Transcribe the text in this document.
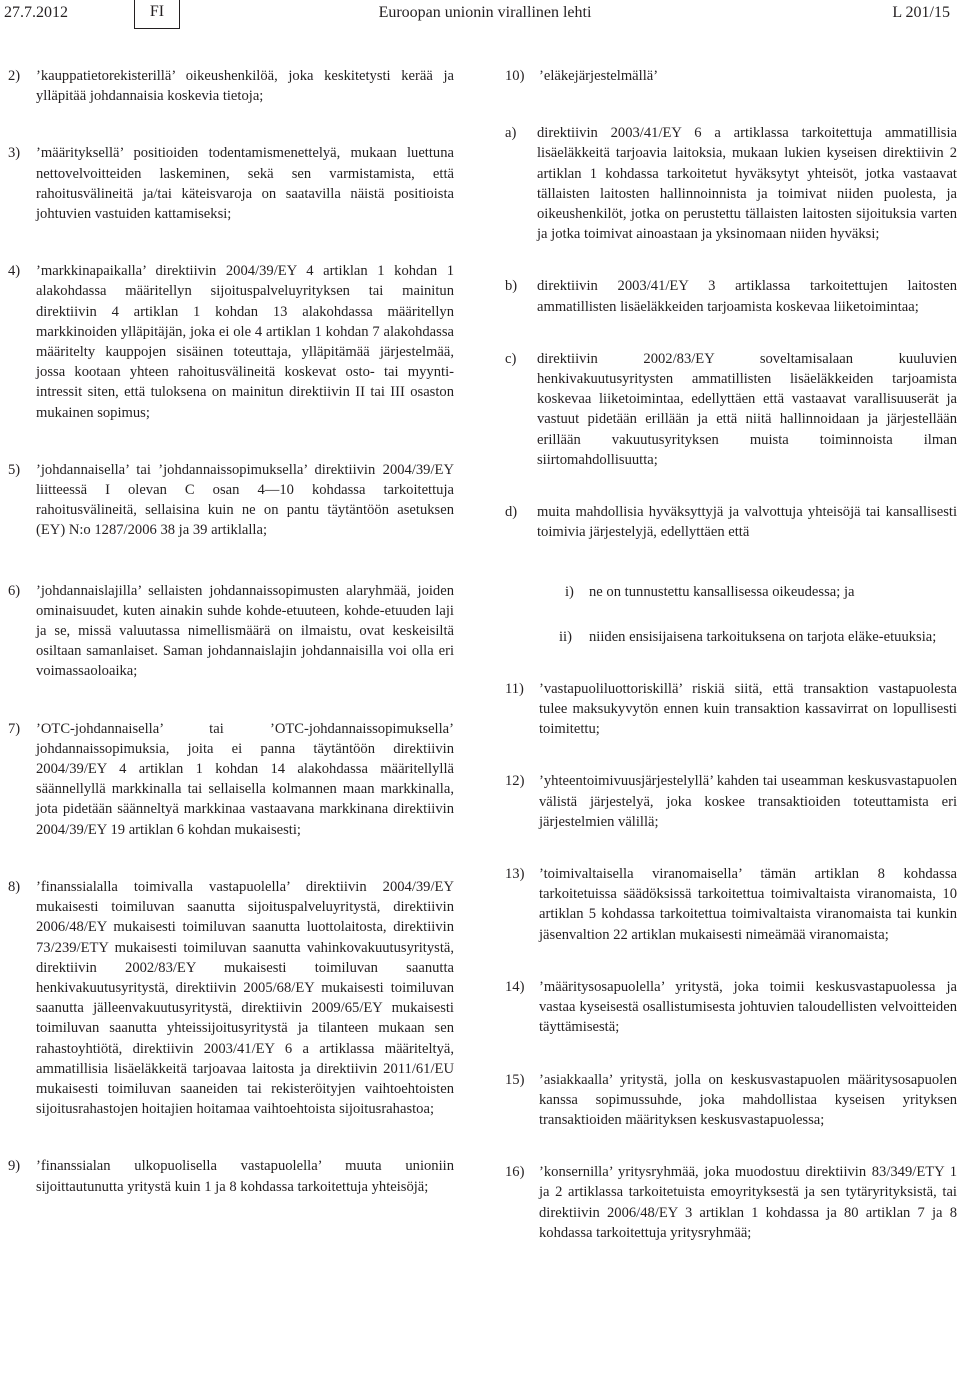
27.7.2012	FI	Euroopan unionin virallinen lehti	L 201/15
2) ’kauppatietorekisterillä’ oikeushenkilöä, joka keskitetysti kerää ja ylläpitää johdannaisia koskevia tietoja;
3) ’määrityksellä’ positioiden todentamismenettelyä, mukaan luettuna nettovelvoitteiden laskeminen, sekä sen varmistamista, että rahoitusvälineitä ja/tai käteisvaroja on saatavilla näistä positioista johtuvien vastuiden kattamiseksi;
4) ’markkinapaikalla’ direktiivin 2004/39/EY 4 artiklan 1 kohdan 1 alakohdassa määritellyn sijoituspalveluyrityksen tai mainitun direktiivin 4 artiklan 1 kohdan 13 alakohdassa määritellyn markkinoiden ylläpitäjän, joka ei ole 4 artiklan 1 kohdan 7 alakohdassa määritelty kauppojen sisäinen toteuttaja, ylläpitämää järjestelmää, jossa kootaan yhteen rahoitusvälineitä koskevat osto- tai myynti-intressit siten, että tuloksena on mainitun direktiivin II tai III osaston mukainen sopimus;
5) ’johdannaisella’ tai ’johdannaissopimuksella’ direktiivin 2004/39/EY liitteessä I olevan C osan 4—10 kohdassa tarkoitettuja rahoitusvälineitä, sellaisina kuin ne on pantu täytäntöön asetuksen (EY) N:o 1287/2006 38 ja 39 artiklalla;
6) ’johdannaislajilla’ sellaisten johdannaissopimusten alaryhmää, joiden ominaisuudet, kuten ainakin suhde kohde-etuuteen, kohde-etuuden laji ja se, missä valuutassa nimellismäärä on ilmaistu, ovat keskeisiltä osiltaan samanlaiset. Saman johdannaislajin johdannaisilla voi olla eri voimassaoloaika;
7) ’OTC-johdannaisella’ tai ’OTC-johdannaissopimuksella’ johdannaissopimuksia, joita ei panna täytäntöön direktiivin 2004/39/EY 4 artiklan 1 kohdan 14 alakohdassa määritellyllä säännellyllä markkinalla tai sellaisella kolmannen maan markkinalla, jota pidetään säänneltyä markkinaa vastaavana markkinana direktiivin 2004/39/EY 19 artiklan 6 kohdan mukaisesti;
8) ’finanssialalla toimivalla vastapuolella’ direktiivin 2004/39/EY mukaisesti toimiluvan saanutta sijoituspalveluyritystä, direktiivin 2006/48/EY mukaisesti toimiluvan saanutta luottolaitosta, direktiivin 73/239/ETY mukaisesti toimiluvan saanutta vahinkovakuutusyritystä, direktiivin 2002/83/EY mukaisesti toimiluvan saanutta henkivakuutusyritystä, direktiivin 2005/68/EY mukaisesti toimiluvan saanutta jälleenvakuutusyritystä, direktiivin 2009/65/EY mukaisesti toimiluvan saanutta yhteissijoitusyritystä ja tilanteen mukaan sen rahastoyhtiötä, direktiivin 2003/41/EY 6 a artiklassa määriteltyä, ammatillisia lisäeläkkeitä tarjoavaa laitosta ja direktiivin 2011/61/EU mukaisesti toimiluvan saaneiden tai rekisteröityjen vaihtoehtoisten sijoitusrahastojen hoitajien hoitamaa vaihtoehtoista sijoitusrahastoa;
9) ’finanssialan ulkopuolisella vastapuolella’ muuta unioniin sijoittautunutta yritystä kuin 1 ja 8 kohdassa tarkoitettuja yhteisöjä;
10) ’eläkejärjestelmällä’
a) direktiivin 2003/41/EY 6 a artiklassa tarkoitettuja ammatillisia lisäeläkkeitä tarjoavia laitoksia, mukaan lukien kyseisen direktiivin 2 artiklan 1 kohdassa tarkoitetut hyväksytyt yhteisöt, jotka vastaavat tällaisten laitosten hallinnoinnista ja toimivat niiden puolesta, ja oikeushenkilöt, jotka on perustettu tällaisten laitosten sijoituksia varten ja jotka toimivat ainoastaan ja yksinomaan niiden hyväksi;
b) direktiivin 2003/41/EY 3 artiklassa tarkoitettujen laitosten ammatillisten lisäeläkkeiden tarjoamista koskevaa liiketoimintaa;
c) direktiivin 2002/83/EY soveltamisalaan kuuluvien henkivakuutusyritysten ammatillisten lisäeläkkeiden tarjoamista koskevaa liiketoimintaa, edellyttäen että vastaavat varallisuuserät ja vastuut pidetään erillään ja että niitä hallinnoidaan ja järjestellään erillään vakuutusyrityksen muista toiminnoista ilman siirtomahdollisuutta;
d) muita mahdollisia hyväksyttyjä ja valvottuja yhteisöjä tai kansallisesti toimivia järjestelyjä, edellyttäen että
i) ne on tunnustettu kansallisessa oikeudessa; ja
ii) niiden ensisijaisena tarkoituksena on tarjota eläke-etuuksia;
11) ’vastapuoliluottoriskillä’ riskiä siitä, että transaktion vastapuolesta tulee maksukyvytön ennen kuin transaktion kassavirrat on lopullisesti toimitettu;
12) ’yhteentoimivuusjärjestelyllä’ kahden tai useamman keskusvastapuolen välistä järjestelyä, joka koskee transaktioiden toteuttamista eri järjestelmien välillä;
13) ’toimivaltaisella viranomaisella’ tämän artiklan 8 kohdassa tarkoitetuissa säädöksissä tarkoitettua toimivaltaista viranomaista, 10 artiklan 5 kohdassa tarkoitettua toimivaltaista viranomaista tai kunkin jäsenvaltion 22 artiklan mukaisesti nimeämää viranomaista;
14) ’määritysosapuolella’ yritystä, joka toimii keskusvastapuolessa ja vastaa kyseisestä osallistumisesta johtuvien taloudellisten velvoitteiden täyttämisestä;
15) ’asiakkaalla’ yritystä, jolla on keskusvastapuolen määritysosapuolen kanssa sopimussuhde, joka mahdollistaa kyseisen yrityksen transaktioiden määrityksen keskusvastapuolessa;
16) ’konsernilla’ yritysryhmää, joka muodostuu direktiivin 83/349/ETY 1 ja 2 artiklassa tarkoitetuista emoyrityksestä ja sen tytäryrityksistä, tai direktiivin 2006/48/EY 3 artiklan 1 kohdassa ja 80 artiklan 7 ja 8 kohdassa tarkoitettuja yritysryhmää;
